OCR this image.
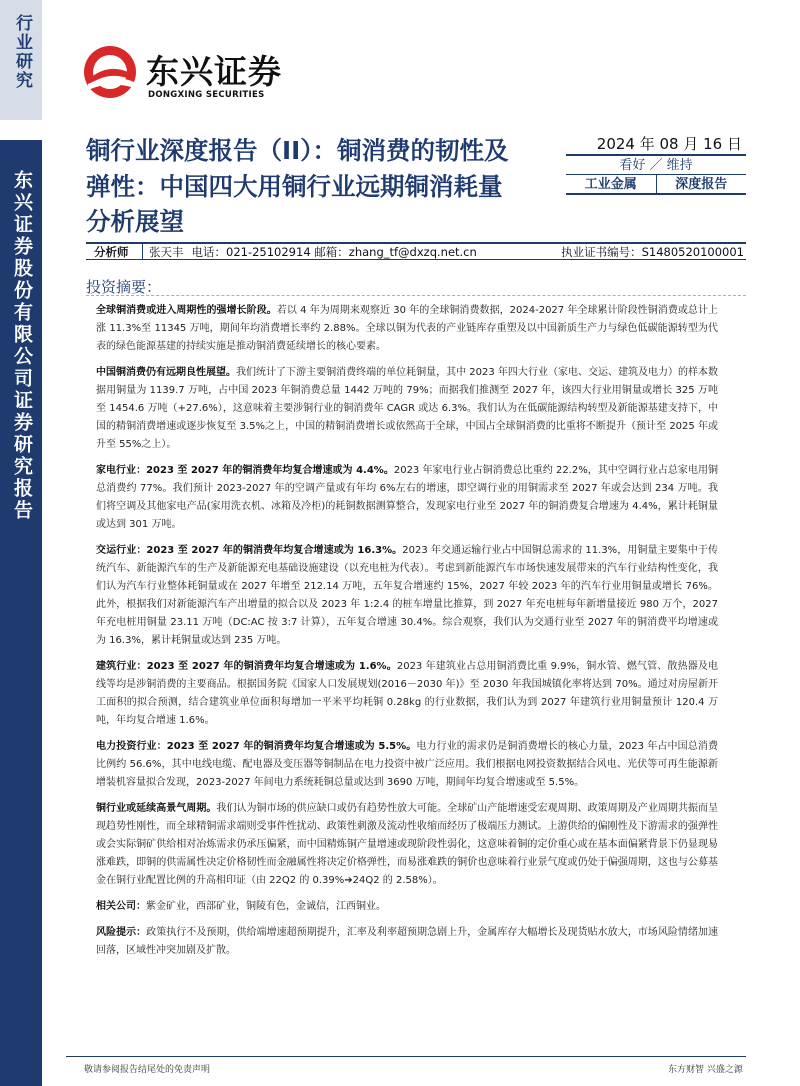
行业研究
东兴证券股份有限公司证券研究报告
东兴证券
DONGXING SECURITIES
铜行业深度报告（II）：铜消费的韧性及弹性：中国四大用铜行业远期铜消耗量分析展望
2024 年 08 月 16 日
看好 ／ 维持
工业金属	深度报告
分析师	张天丰 电话：021-25102914 邮箱：zhang_tf@dxzq.net.cn	执业证书编号：S1480520100001
投资摘要：

全球铜消费或进入周期性的强增长阶段。若以 4 年为周期来观察近 30 年的全球铜消费数据，2024-2027 年全球累计阶段性铜消费或总计上涨 11.3%至 11345 万吨，期间年均消费增长率约 2.88%。全球以铜为代表的产业链库存重塑及以中国新质生产力与绿色低碳能源转型为代表的绿色能源基建的持续实施是推动铜消费延续增长的核心要素。

中国铜消费仍有远期良性展望。我们统计了下游主要铜消费终端的单位耗铜量，其中 2023 年四大行业（家电、交运、建筑及电力）的样本数据用铜量为 1139.7 万吨，占中国 2023 年铜消费总量 1442 万吨的 79%；而据我们推测至 2027 年，该四大行业用铜量或增长 325 万吨至 1454.6 万吨（+27.6%），这意味着主要涉铜行业的铜消费年 CAGR 或达 6.3%。我们认为在低碳能源结构转型及新能源基建支持下，中国的精铜消费增速或逐步恢复至 3.5%之上，中国的精铜消费增长或依然高于全球，中国占全球铜消费的比重将不断提升（预计至 2025 年或升至 55%之上）。

家电行业：2023 至 2027 年的铜消费年均复合增速或为 4.4%。2023 年家电行业占铜消费总比重约 22.2%，其中空调行业占总家电用铜总消费约 77%。我们预计 2023-2027 年的空调产量或有年均 6%左右的增速，即空调行业的用铜需求至 2027 年或会达到 234 万吨。我们将空调及其他家电产品(家用洗衣机、冰箱及冷柜)的耗铜数据测算整合，发现家电行业至 2027 年的铜消费复合增速为 4.4%，累计耗铜量或达到 301 万吨。

交运行业：2023 至 2027 年的铜消费年均复合增速或为 16.3%。2023 年交通运输行业占中国铜总需求的 11.3%，用铜量主要集中于传统汽车、新能源汽车的生产及新能源充电基础设施建设（以充电桩为代表）。考虑到新能源汽车市场快速发展带来的汽车行业结构性变化，我们认为汽车行业整体耗铜量或在 2027 年增至 212.14 万吨，五年复合增速约 15%，2027 年较 2023 年的汽车行业用铜量或增长 76%。此外，根据我们对新能源汽车产出增量的拟合以及 2023 年 1:2.4 的桩车增量比推算，到 2027 年充电桩每年新增量接近 980 万个，2027 年充电桩用铜量 23.11 万吨（DC:AC 按 3:7 计算），五年复合增速 30.4%。综合观察，我们认为交通行业至 2027 年的铜消费平均增速或为 16.3%，累计耗铜量或达到 235 万吨。

建筑行业：2023 至 2027 年的铜消费年均复合增速或为 1.6%。2023 年建筑业占总用铜消费比重 9.9%，铜水管、燃气管、散热器及电线等均是涉铜消费的主要商品。根据国务院《国家人口发展规划(2016－2030 年)》至 2030 年我国城镇化率将达到 70%。通过对房屋新开工面积的拟合预测，结合建筑业单位面积每增加一平米平均耗铜 0.28kg 的行业数据，我们认为到 2027 年建筑行业用铜量预计 120.4 万吨，年均复合增速 1.6%。

电力投资行业：2023 至 2027 年的铜消费年均复合增速或为 5.5%。电力行业的需求仍是铜消费增长的核心力量，2023 年占中国总消费比例约 56.6%，其中电线电缆、配电器及变压器等铜制品在电力投资中被广泛应用。我们根据电网投资数据结合风电、光伏等可再生能源新增装机容量拟合发现，2023-2027 年间电力系统耗铜总量或达到 3690 万吨，期间年均复合增速或至 5.5%。

铜行业或延续高景气周期。我们认为铜市场的供应缺口或仍有趋势性放大可能。全球矿山产能增速受宏观周期、政策周期及产业周期共振而呈现趋势性刚性，而全球精铜需求端则受事件性扰动、政策性刺激及流动性收缩而经历了极端压力测试。上游供给的偏刚性及下游需求的强弹性或会实际铜矿供给相对冶炼需求仍承压偏紧，而中国精炼铜产量增速或现阶段性弱化，这意味着铜的定价重心或在基本面偏紧背景下仍显现易涨难跌，即铜的供需属性决定价格韧性而金融属性将决定价格弹性，而易涨难跌的铜价也意味着行业景气度或仍处于偏强周期，这也与公募基金在铜行业配置比例的升高相印证（由 22Q2 的 0.39%➔24Q2 的 2.58%）。

相关公司：紫金矿业，西部矿业，铜陵有色，金诚信，江西铜业。

风险提示：政策执行不及预期，供给端增速超预期提升，汇率及利率超预期急剧上升，金属库存大幅增长及现货贴水放大，市场风险情绪加速回落，区域性冲突加剧及扩散。

敬请参阅报告结尾处的免责声明	东方财智 兴盛之源
